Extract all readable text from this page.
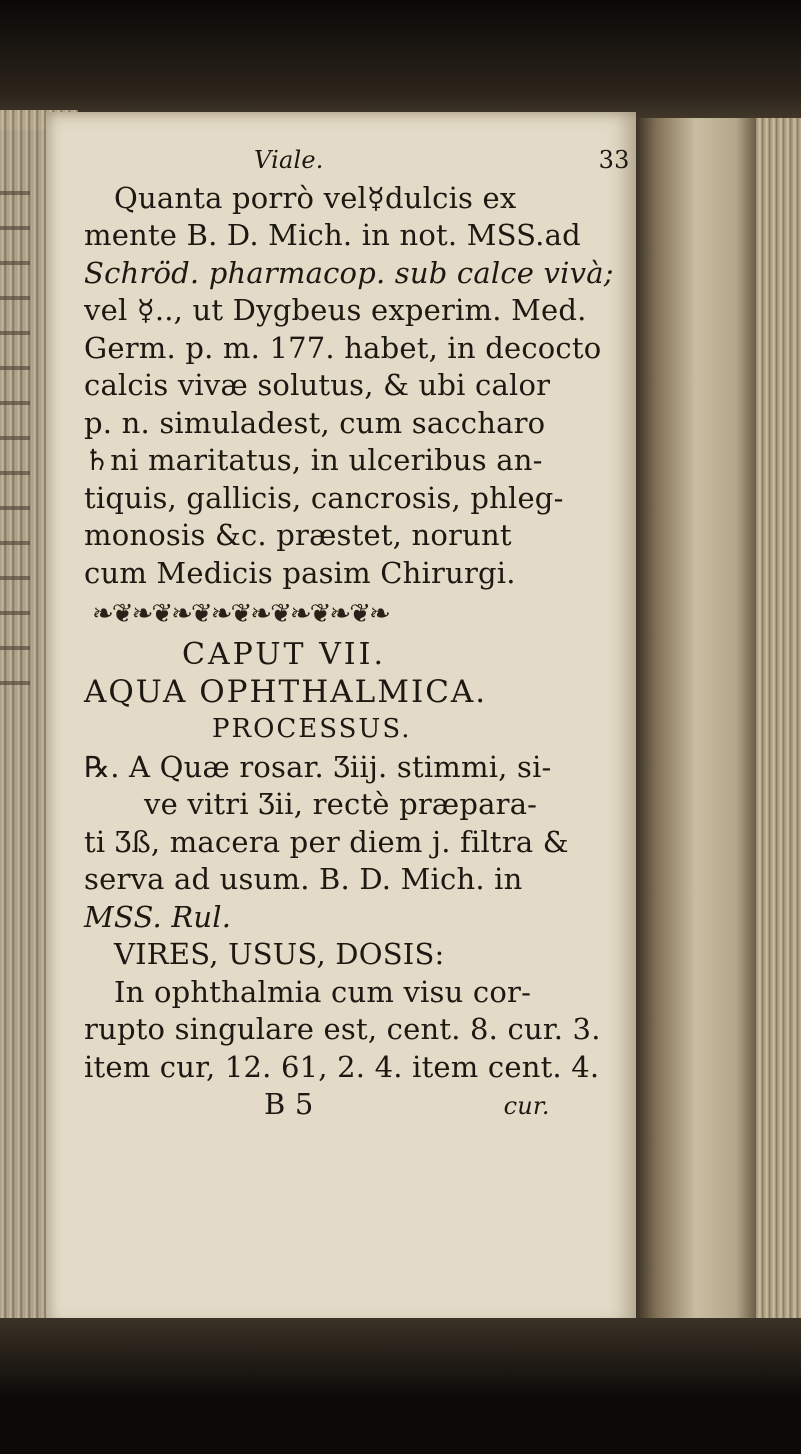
Viale.	33
Quanta porrò vel☿dulcis ex
mente B. D. Mich. in not. MSS.ad
Schröd. pharmacop. sub calce vivà;
vel ☿.., ut Dygbeus experim. Med.
Germ. p. m. 177. habet, in decocto
calcis vivæ solutus, & ubi calor
p. n. simuladest, cum saccharo
♄ni maritatus, in ulceribus an-
tiquis, gallicis, cancrosis, phleg-
monosis &c. præstet, norunt
cum Medicis pasim Chirurgi.
❧❦❧❦❧❦❧❦❧❦❧❦❧❦❧
CAPUT VII.
AQUA OPHTHALMICA.
PROCESSUS.
℞. A Quæ rosar. Ʒiij. stimmi, si-
ve vitri Ʒii, rectè præpara-
ti Ʒß, macera per diem j. filtra &
serva ad usum. B. D. Mich. in
MSS. Rul.
VIRES, USUS, DOSIS:
In ophthalmia cum visu cor-
rupto singulare est, cent. 8. cur. 3.
item cur, 12. 61, 2. 4. item cent. 4.
B 5	cur.
